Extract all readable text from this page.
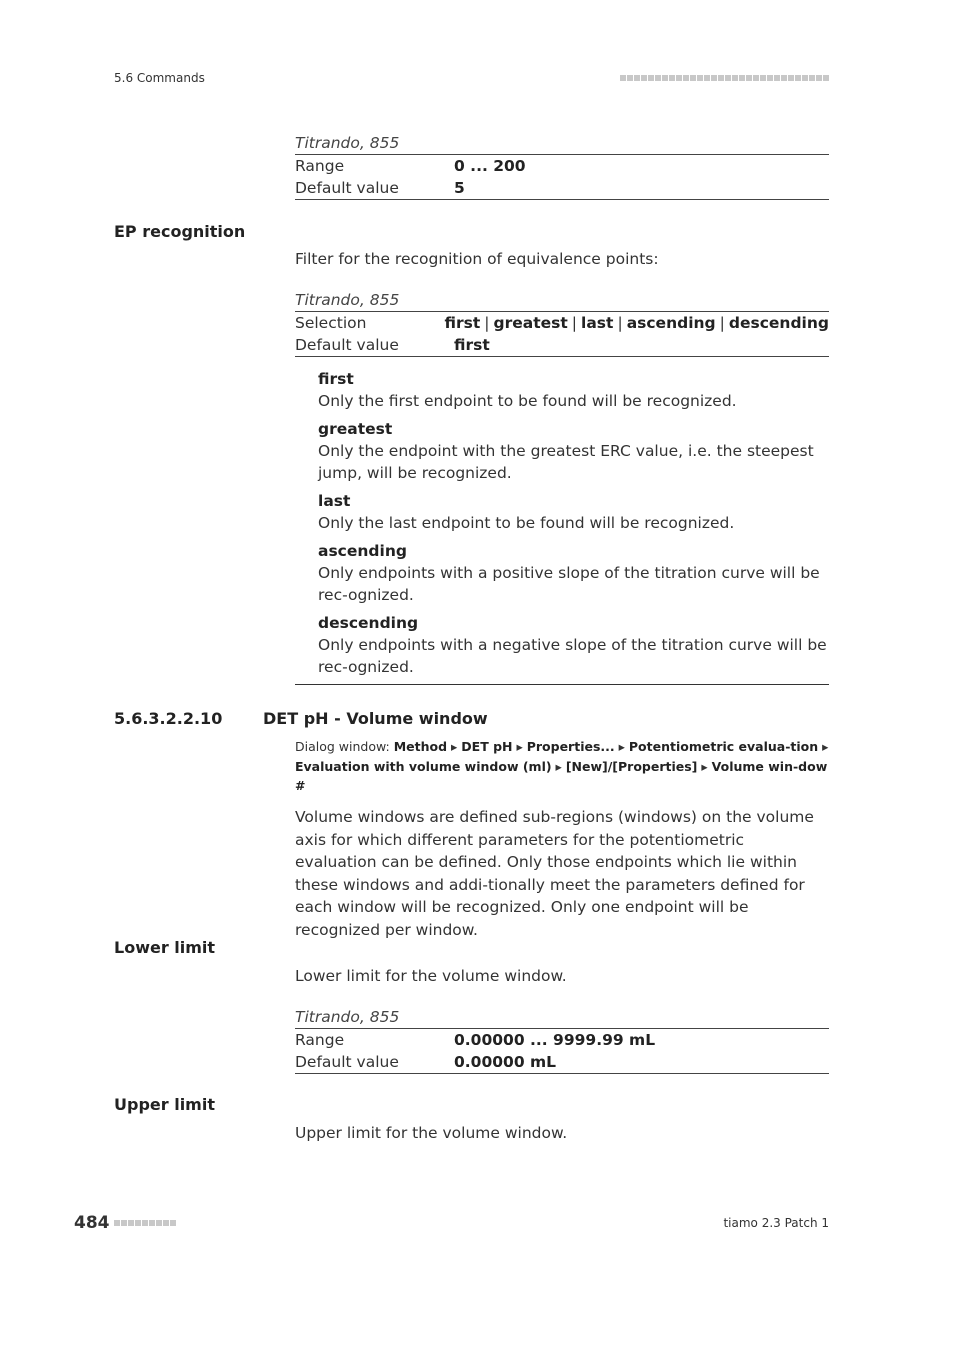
5.6 Commands
Titrando, 855
Range	0 ... 200
Default value	5
EP recognition
Filter for the recognition of equivalence points:
Titrando, 855
Selection	first | greatest | last | ascending | descending
Default value	first
first
Only the first endpoint to be found will be recognized.
greatest
Only the endpoint with the greatest ERC value, i.e. the steepest jump, will be recognized.
last
Only the last endpoint to be found will be recognized.
ascending
Only endpoints with a positive slope of the titration curve will be rec-ognized.
descending
Only endpoints with a negative slope of the titration curve will be rec-ognized.
5.6.3.2.2.10	DET pH - Volume window
Dialog window: Method ▸ DET pH ▸ Properties... ▸ Potentiometric evalua-tion ▸ Evaluation with volume window (ml) ▸ [New]/[Properties] ▸ Volume win-dow #
Volume windows are defined sub-regions (windows) on the volume axis for which different parameters for the potentiometric evaluation can be defined. Only those endpoints which lie within these windows and addi-tionally meet the parameters defined for each window will be recognized. Only one endpoint will be recognized per window.
Lower limit
Lower limit for the volume window.
Titrando, 855
Range	0.00000 ... 9999.99 mL
Default value	0.00000 mL
Upper limit
Upper limit for the volume window.
484	tiamo 2.3 Patch 1
